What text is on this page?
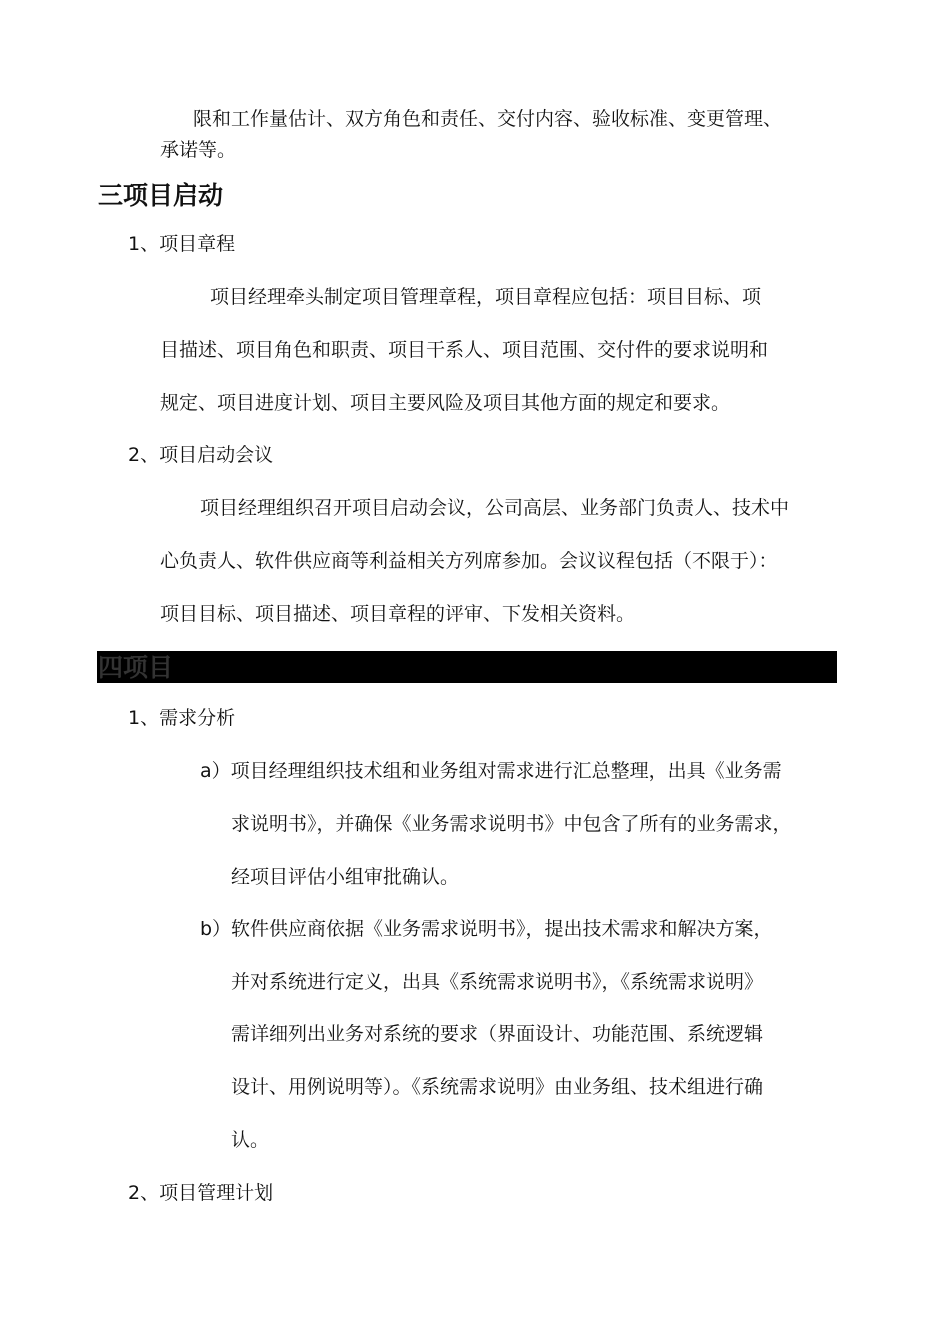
限和工作量估计、双方角色和责任、交付内容、验收标准、变更管理、
承诺等。
三项目启动
1、项目章程
项目经理牵头制定项目管理章程，项目章程应包括：项目目标、项
目描述、项目角色和职责、项目干系人、项目范围、交付件的要求说明和
规定、项目进度计划、项目主要风险及项目其他方面的规定和要求。
2、项目启动会议
项目经理组织召开项目启动会议，公司高层、业务部门负责人、技术中
心负责人、软件供应商等利益相关方列席参加。会议议程包括（不限于）：
项目目标、项目描述、项目章程的评审、下发相关资料。
四项目
1、需求分析
a）项目经理组织技术组和业务组对需求进行汇总整理，出具《业务需
求说明书》，并确保《业务需求说明书》中包含了所有的业务需求，
经项目评估小组审批确认。
b）软件供应商依据《业务需求说明书》，提出技术需求和解决方案，
并对系统进行定义，出具《系统需求说明书》，《系统需求说明》
需详细列出业务对系统的要求（界面设计、功能范围、系统逻辑
设计、用例说明等）。《系统需求说明》由业务组、技术组进行确
认。
2、项目管理计划
